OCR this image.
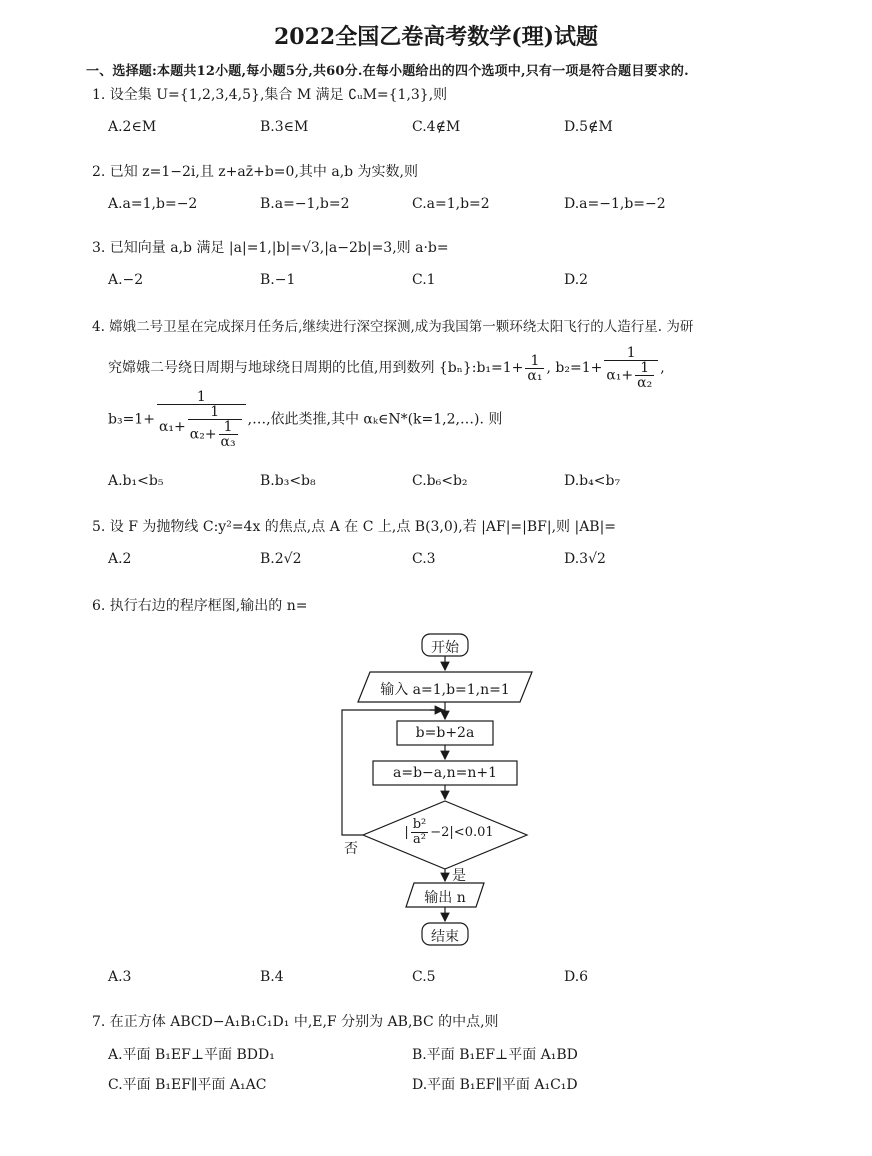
2022全国乙卷高考数学(理)试题
一、选择题:本题共12小题,每小题5分,共60分.在每小题给出的四个选项中,只有一项是符合题目要求的.
1. 设全集 U={1,2,3,4,5},集合 M 满足 ∁ᵤM={1,3},则
A.2∈M	B.3∈M	C.4∉M	D.5∉M
2. 已知 z=1−2i,且 z+az̄+b=0,其中 a,b 为实数,则
A.a=1,b=−2	B.a=−1,b=2	C.a=1,b=2	D.a=−1,b=−2
3. 已知向量 a,b 满足 |a|=1,|b|=√3,|a−2b|=3,则 a·b=
A.−2	B.−1	C.1	D.2
4. 嫦娥二号卫星在完成探月任务后,继续进行深空探测,成为我国第一颗环绕太阳飞行的人造行星. 为研
究嫦娥二号绕日周期与地球绕日周期的比值,用到数列 {bₙ}:b₁=1+ $\frac{1}{\text{α₁}}$ , $b_2=1+ \frac{1}{\alpha_1+ \frac{1}{\text{α₂}}}$ ,
$b_3=1+ \frac{1}{\alpha_1+ \frac{1}{\alpha_2+ \frac{1}{\text{α₃}}}}$ ,…,依此类推,其中 αₖ∈N*(k=1,2,…). 则
A.b₁<b₅	B.b₃<b₈	C.b₆<b₂	D.b₄<b₇
5. 设 F 为抛物线 C:y²=4x 的焦点,点 A 在 C 上,点 B(3,0),若 |AF|=|BF|,则 |AB|=
A.2	B.2√2	C.3	D.3√2
6. 执行右边的程序框图,输出的 n=
开始
输入 a=1,b=1,n=1
b=b+2a
a=b−a,n=n+1
| $\frac{\text{b²}}{\text{a²}} -2|<0.01$
否
是
输出 n
结束
A.3	B.4	C.5	D.6
7. 在正方体 ABCD−A₁B₁C₁D₁ 中,E,F 分别为 AB,BC 的中点,则
A.平面 B₁EF⊥平面 BDD₁	B.平面 B₁EF⊥平面 A₁BD
C.平面 B₁EF∥平面 A₁AC	D.平面 B₁EF∥平面 A₁C₁D
